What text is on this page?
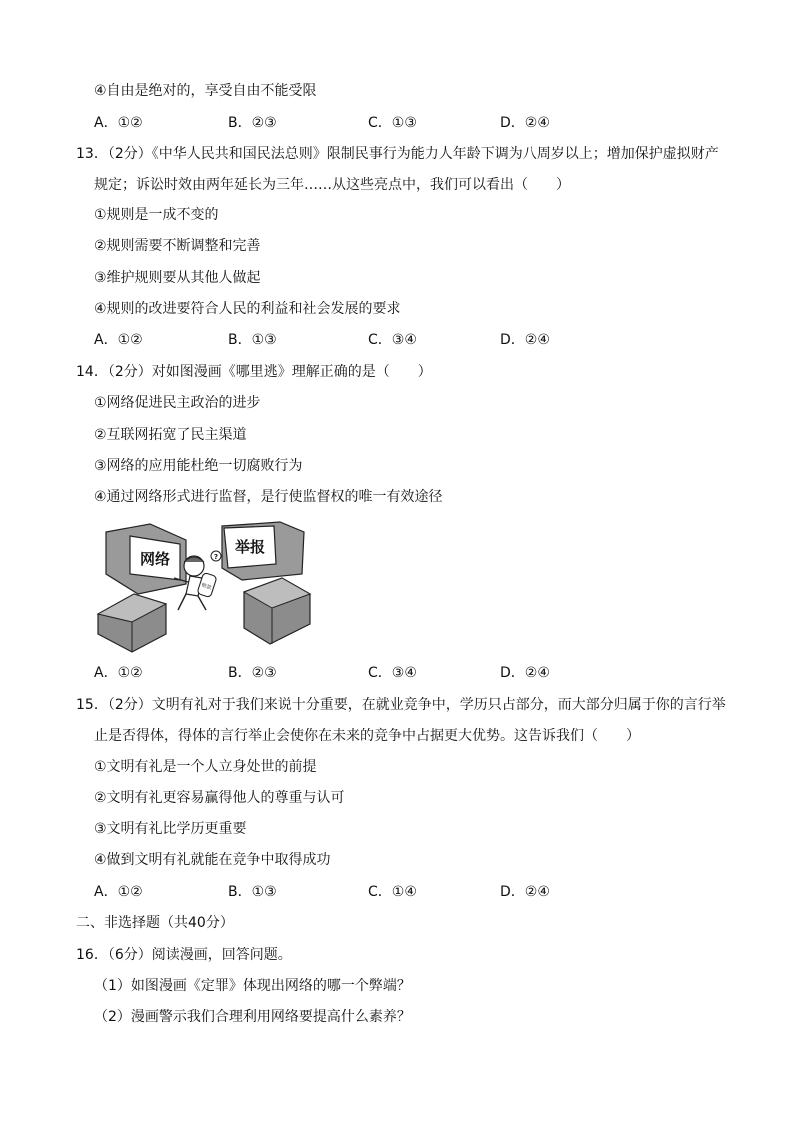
④自由是绝对的，享受自由不能受限
A．①②	B．②③	C．①③	D．②④
13．（2分）《中华人民共和国民法总则》限制民事行为能力人年龄下调为八周岁以上；增加保护虚拟财产
规定；诉讼时效由两年延长为三年……从这些亮点中，我们可以看出（　　）
①规则是一成不变的
②规则需要不断调整和完善
③维护规则要从其他人做起
④规则的改进要符合人民的利益和社会发展的要求
A．①②	B．①③	C．③④	D．②④
14．（2分）对如图漫画《哪里逃》理解正确的是（　　）
①网络促进民主政治的进步
②互联网拓宽了民主渠道
③网络的应用能杜绝一切腐败行为
④通过网络形式进行监督，是行使监督权的唯一有效途径
网络
举报
赃款
?
A．①②	B．②③	C．③④	D．②④
15．（2分）文明有礼对于我们来说十分重要，在就业竞争中，学历只占部分，而大部分归属于你的言行举
止是否得体，得体的言行举止会使你在未来的竞争中占据更大优势。这告诉我们（　　）
①文明有礼是一个人立身处世的前提
②文明有礼更容易赢得他人的尊重与认可
③文明有礼比学历更重要
④做到文明有礼就能在竞争中取得成功
A．①②	B．①③	C．①④	D．②④
二、非选择题（共40分）
16．（6分）阅读漫画，回答问题。
（1）如图漫画《定罪》体现出网络的哪一个弊端？
（2）漫画警示我们合理利用网络要提高什么素养？
